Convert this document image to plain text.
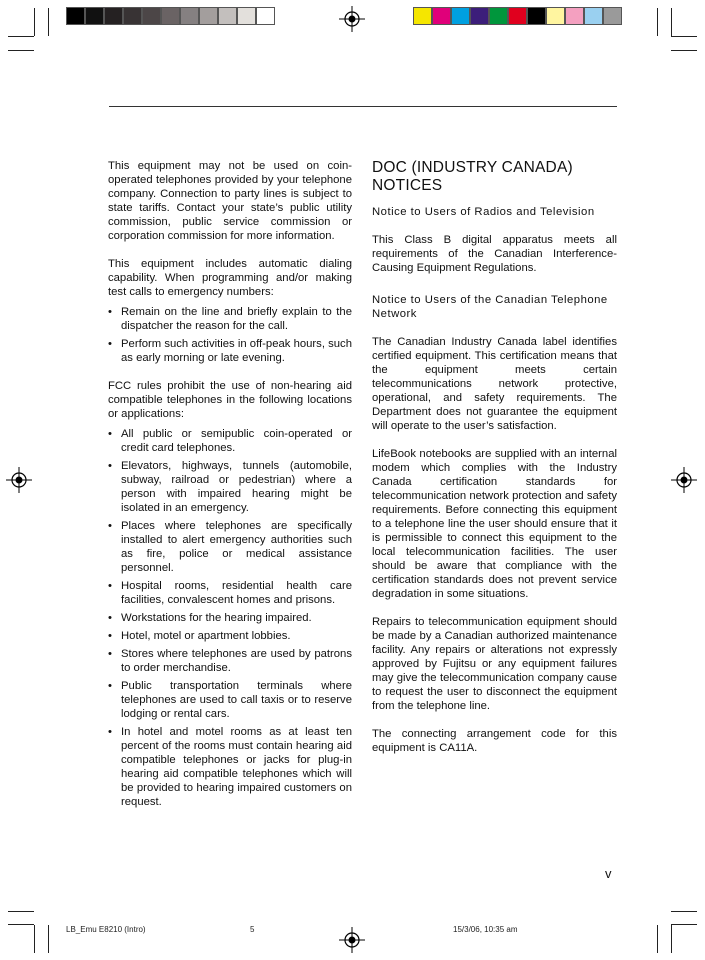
This equipment may not be used on coin-operated telephones provided by your telephone company. Connection to party lines is subject to state tariffs. Contact your state’s public utility commission, public service commission or corporation commission for more information.

This equipment includes automatic dialing capability. When programming and/or making test calls to emergency numbers:

• Remain on the line and briefly explain to the dispatcher the reason for the call.
• Perform such activities in off-peak hours, such as early morning or late evening.

FCC rules prohibit the use of non-hearing aid compatible telephones in the following locations or applications:

• All public or semipublic coin-operated or credit card telephones.
• Elevators, highways, tunnels (automobile, subway, railroad or pedestrian) where a person with impaired hearing might be isolated in an emergency.
• Places where telephones are specifically installed to alert emergency authorities such as fire, police or medical assistance personnel.
• Hospital rooms, residential health care facilities, convalescent homes and prisons.
• Workstations for the hearing impaired.
• Hotel, motel or apartment lobbies.
• Stores where telephones are used by patrons to order merchandise.
• Public transportation terminals where telephones are used to call taxis or to reserve lodging or rental cars.
• In hotel and motel rooms as at least ten percent of the rooms must contain hearing aid compatible telephones or jacks for plug-in hearing aid compatible telephones which will be provided to hearing impaired customers on request.
DOC (INDUSTRY CANADA) NOTICES

Notice to Users of Radios and Television

This Class B digital apparatus meets all requirements of the Canadian Interference-Causing Equipment Regulations.

Notice to Users of the Canadian Telephone Network

The Canadian Industry Canada label identifies certified equipment. This certification means that the equipment meets certain telecommunications network protective, operational, and safety requirements. The Department does not guarantee the equipment will operate to the user’s satisfaction.

LifeBook notebooks are supplied with an internal modem which complies with the Industry Canada certification standards for telecommunication network protection and safety requirements. Before connecting this equipment to a telephone line the user should ensure that it is permissible to connect this equipment to the local telecommunication facilities. The user should be aware that compliance with the certification standards does not prevent service degradation in some situations.

Repairs to telecommunication equipment should be made by a Canadian authorized maintenance facility. Any repairs or alterations not expressly approved by Fujitsu or any equipment failures may give the telecommunication company cause to request the user to disconnect the equipment from the telephone line.

The connecting arrangement code for this equipment is CA11A.

v
LB_Emu E8210 (Intro)	5	15/3/06, 10:35 am
